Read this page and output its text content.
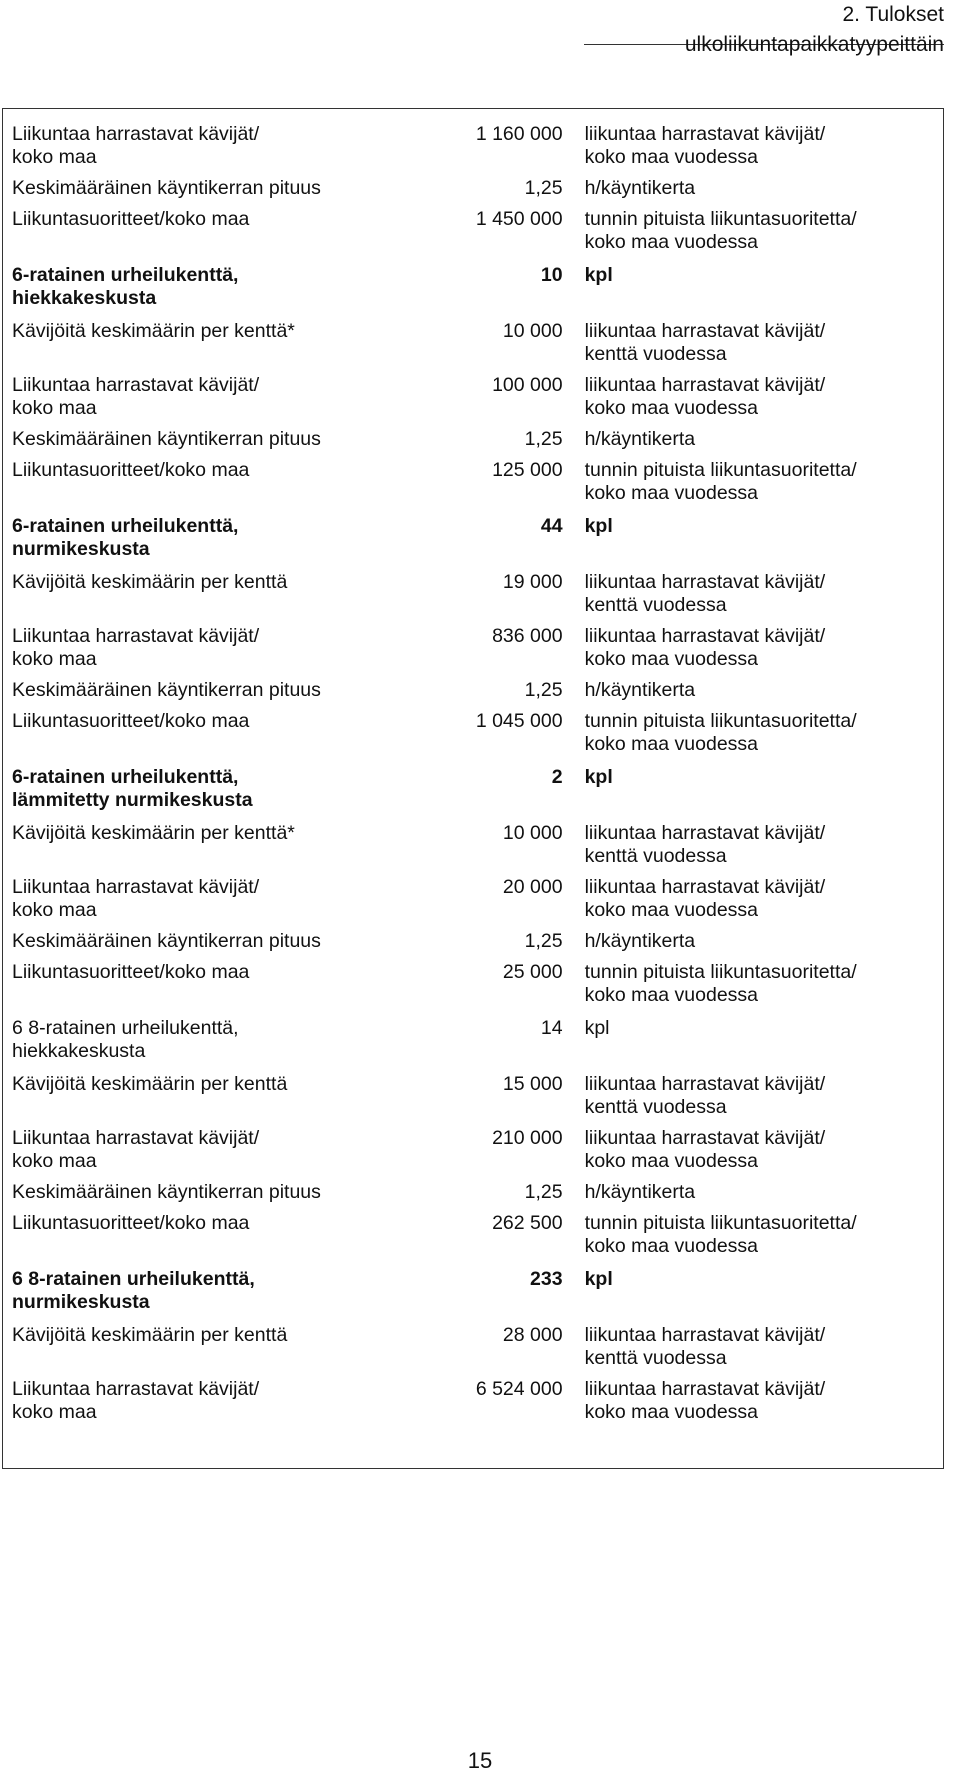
2. Tulokset ulkoliikuntapaikkatyypeittäin
Liikuntaa harrastavat kävijät/
koko maa
1 160 000	liikuntaa harrastavat kävijät/
koko maa vuodessa
Keskimääräinen käyntikerran pituus	1,25	h/käyntikerta
Liikuntasuoritteet/koko maa	1 450 000	tunnin pituista liikuntasuoritetta/
koko maa vuodessa
6-ratainen urheilukenttä,
hiekkakeskusta
10	kpl
Kävijöitä keskimäärin per kenttä*	10 000	liikuntaa harrastavat kävijät/
kenttä vuodessa
Liikuntaa harrastavat kävijät/
koko maa
100 000	liikuntaa harrastavat kävijät/
koko maa vuodessa
Keskimääräinen käyntikerran pituus	1,25	h/käyntikerta
Liikuntasuoritteet/koko maa	125 000	tunnin pituista liikuntasuoritetta/
koko maa vuodessa
6-ratainen urheilukenttä,
nurmikeskusta
44	kpl
Kävijöitä keskimäärin per kenttä	19 000	liikuntaa harrastavat kävijät/
kenttä vuodessa
Liikuntaa harrastavat kävijät/
koko maa
836 000	liikuntaa harrastavat kävijät/
koko maa vuodessa
Keskimääräinen käyntikerran pituus	1,25	h/käyntikerta
Liikuntasuoritteet/koko maa	1 045 000	tunnin pituista liikuntasuoritetta/
koko maa vuodessa
6-ratainen urheilukenttä,
lämmitetty nurmikeskusta
2	kpl
Kävijöitä keskimäärin per kenttä*	10 000	liikuntaa harrastavat kävijät/
kenttä vuodessa
Liikuntaa harrastavat kävijät/
koko maa
20 000	liikuntaa harrastavat kävijät/
koko maa vuodessa
Keskimääräinen käyntikerran pituus	1,25	h/käyntikerta
Liikuntasuoritteet/koko maa	25 000	tunnin pituista liikuntasuoritetta/
koko maa vuodessa
6 8-ratainen urheilukenttä,
hiekkakeskusta
14	kpl
Kävijöitä keskimäärin per kenttä	15 000	liikuntaa harrastavat kävijät/
kenttä vuodessa
Liikuntaa harrastavat kävijät/
koko maa
210 000	liikuntaa harrastavat kävijät/
koko maa vuodessa
Keskimääräinen käyntikerran pituus	1,25	h/käyntikerta
Liikuntasuoritteet/koko maa	262 500	tunnin pituista liikuntasuoritetta/
koko maa vuodessa
6 8-ratainen urheilukenttä,
nurmikeskusta
233	kpl
Kävijöitä keskimäärin per kenttä	28 000	liikuntaa harrastavat kävijät/
kenttä vuodessa
Liikuntaa harrastavat kävijät/
koko maa
6 524 000	liikuntaa harrastavat kävijät/
koko maa vuodessa
15
